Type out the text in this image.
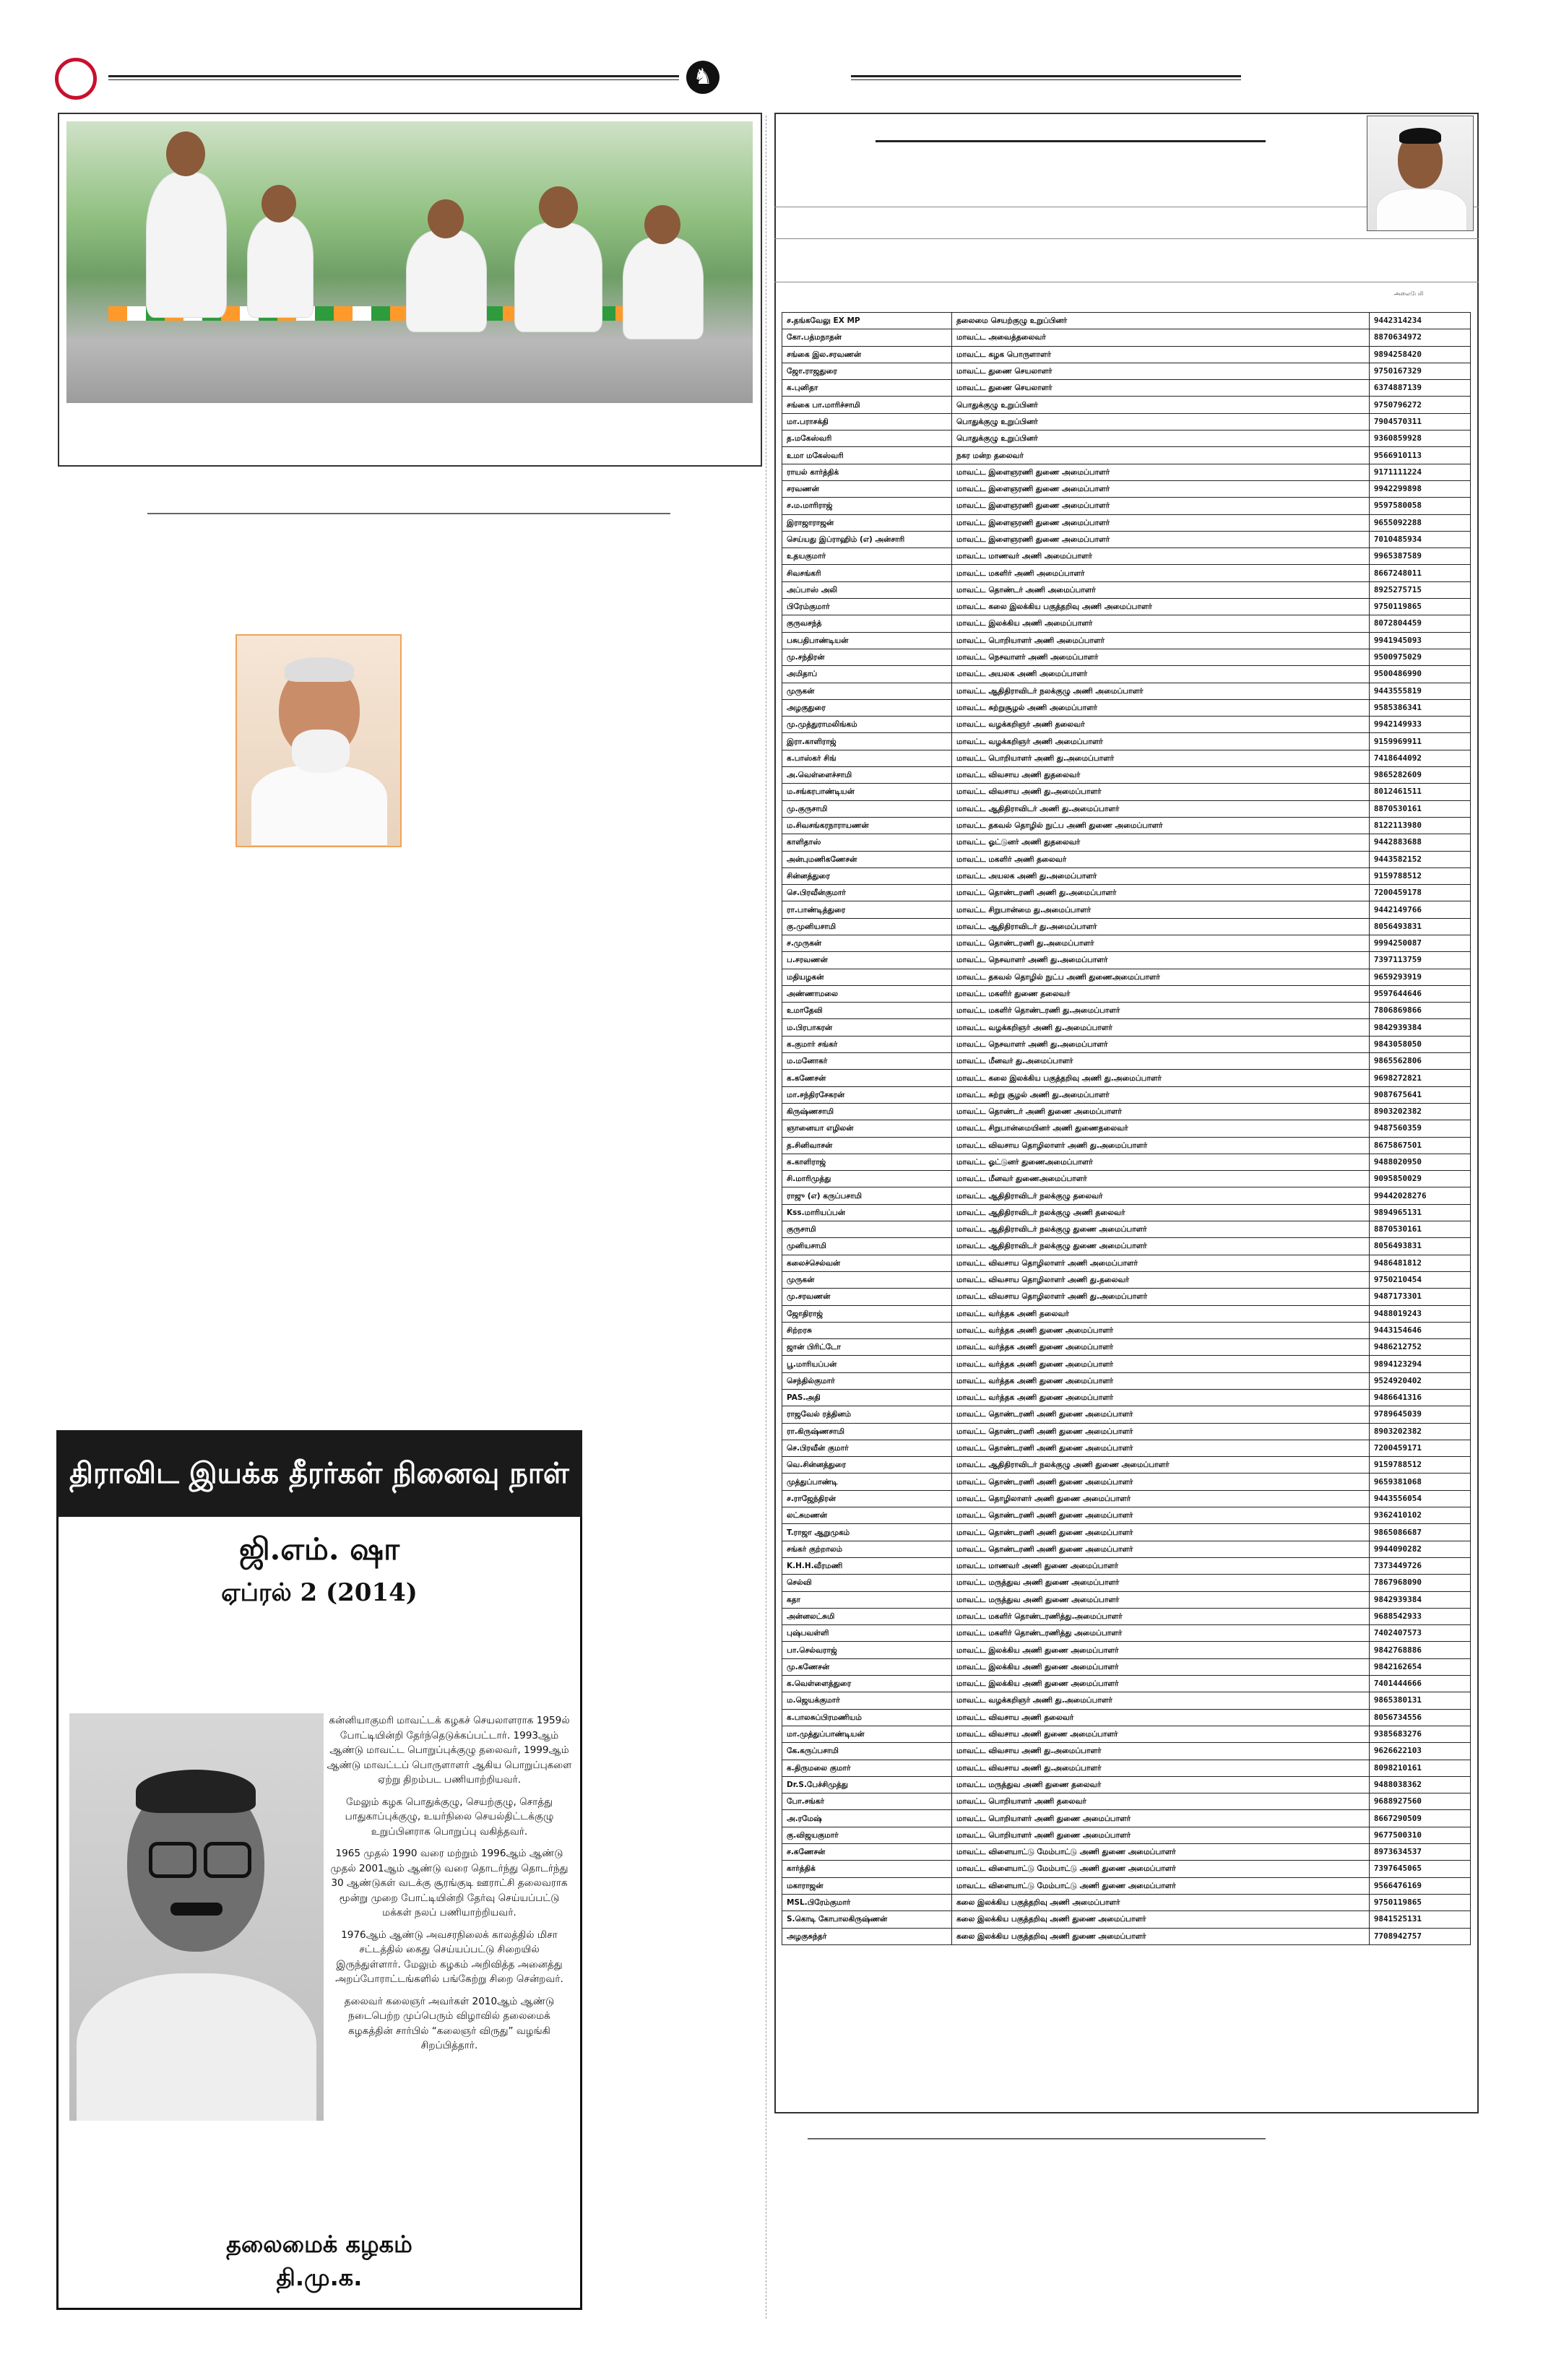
♞
திராவிட இயக்க தீரர்கள் நினைவு நாள்
ஜி.எம். ஷா
ஏப்ரல் 2 (2014)

கன்னியாகுமரி மாவட்டக் கழகச் செயலாளராக 1959ல் போட்டியின்றி தேர்ந்தெடுக்கப்பட்டார். 1993ஆம் ஆண்டு மாவட்ட பொறுப்புக்குழு தலைவர், 1999ஆம் ஆண்டு மாவட்டப் பொருளாளர் ஆகிய பொறுப்புகளை ஏற்று திறம்பட பணியாற்றியவர்.

மேலும் கழக பொதுக்குழு, செயற்குழு, சொத்து பாதுகாப்புக்குழு, உயர்நிலை செயல்திட்டக்குழு உறுப்பினராக பொறுப்பு வகித்தவர்.

1965 முதல் 1990 வரை மற்றும் 1996ஆம் ஆண்டு முதல் 2001ஆம் ஆண்டு வரை தொடர்ந்து தொடர்ந்து 30 ஆண்டுகள் வடக்கு சூரங்குடி ஊராட்சி தலைவராக மூன்று முறை போட்டியின்றி தேர்வு செய்யப்பட்டு மக்கள் நலப் பணியாற்றியவர்.

1976ஆம் ஆண்டு அவசரநிலைக் காலத்தில் மிசா சட்டத்தில் கைது செய்யப்பட்டு சிறையில் இருந்துள்ளார். மேலும் கழகம் அறிவித்த அனைத்து அறப்போராட்டங்களில் பங்கேற்று சிறை சென்றவர்.

தலைவர் கலைஞர் அவர்கள் 2010ஆம் ஆண்டு நடைபெற்ற முப்பெரும் விழாவில் தலைமைக் கழகத்தின் சார்பில் “கலைஞர் விருது” வழங்கி சிறப்பித்தார்.

தலைமைக் கழகம்
தி.மு.க.
அலைபேசி
ச.தங்கவேலு EX MP	தலைமை செயற்குழு உறுப்பினர்	9442314234
கோ.பத்மநாதன்	மாவட்ட அவைத்தலைவர்	8870634972
சங்கை இல.சரவணன்	மாவட்ட கழக பொருளாளர்	9894258420
ஜோ.ராஜதுரை	மாவட்ட துணை செயலாளர்	9750167329
க.புனிதா	மாவட்ட துணை செயலாளர்	6374887139
சங்கை பா.மாரிச்சாமி	பொதுக்குழு உறுப்பினர்	9750796272
மா.பராசக்தி	பொதுக்குழு உறுப்பினர்	7904570311
த.மகேஸ்வரி	பொதுக்குழு உறுப்பினர்	9360859928
உமா மகேஸ்வரி	நகர மன்ற தலைவர்	9566910113
ராயல் கார்த்திக்	மாவட்ட இளைஞரணி துணை அமைப்பாளர்	9171111224
சரவணன்	மாவட்ட இளைஞரணி துணை அமைப்பாளர்	9942299898
ச.ம.மாரிராஜ்	மாவட்ட இளைஞரணி துணை அமைப்பாளர்	9597580058
இராஜாராஜன்	மாவட்ட இளைஞரணி துணை அமைப்பாளர்	9655092288
செய்யது இப்ராஹிம் (எ) அன்சாரி	மாவட்ட இளைஞரணி துணை அமைப்பாளர்	7010485934
உதயகுமார்	மாவட்ட மாணவர் அணி அமைப்பாளர்	9965387589
சிவசங்கரி	மாவட்ட மகளிர் அணி அமைப்பாளர்	8667248011
அப்பாஸ் அலி	மாவட்ட தொண்டர் அணி அமைப்பாளர்	8925275715
பிரேம்குமார்	மாவட்ட கலை இலக்கிய பகுத்தறிவு அணி அமைப்பாளர்	9750119865
குருவசந்த்	மாவட்ட இலக்கிய அணி அமைப்பாளர்	8072804459
பசுபதிபாண்டியன்	மாவட்ட பொறியாளர் அணி அமைப்பாளர்	9941945093
மு.சந்திரன்	மாவட்ட நெசவாளர் அணி அமைப்பாளர்	9500975029
அமிதாப்	மாவட்ட அயலக அணி அமைப்பாளர்	9500486990
முருகன்	மாவட்ட ஆதிதிராவிடர் நலக்குழு அணி அமைப்பாளர்	9443555819
அழகுதுரை	மாவட்ட சுற்றுசூழல் அணி அமைப்பாளர்	9585386341
மு.முத்துராமலிங்கம்	மாவட்ட வழக்கறிஞர் அணி தலைவர்	9942149933
இரா.காளிராஜ்	மாவட்ட வழக்கறிஞர் அணி அமைப்பாளர்	9159969911
க.பாஸ்கர் சிங்	மாவட்ட பொறியாளர் அணி து.அமைப்பாளர்	7418644092
அ.வெள்ளைச்சாமி	மாவட்ட விவசாய அணி துதலைவர்	9865282609
ம.சங்கரபாண்டியன்	மாவட்ட விவசாய அணி து.அமைப்பாளர்	8012461511
மு.குருசாமி	மாவட்ட ஆதிதிராவிடர் அணி து.அமைப்பாளர்	8870530161
ம.சிவசங்கரநாராயணன்	மாவட்ட தகவல் தொழில் நுட்ப அணி துணை அமைப்பாளர்	8122113980
காளிதாஸ்	மாவட்ட ஓட்டுனர் அணி துதலைவர்	9442883688
அன்புமணிகணேசன்	மாவட்ட மகளிர் அணி தலைவர்	9443582152
சின்னத்துரை	மாவட்ட அயலக அணி து.அமைப்பாளர்	9159788512
செ.பிரவீன்குமார்	மாவட்ட தொண்டரணி அணி து.அமைப்பாளர்	7200459178
ரா.பாண்டித்துரை	மாவட்ட சிறுபான்மை து.அமைப்பாளர்	9442149766
கு.முனியசாமி	மாவட்ட ஆதிதிராவிடர் து.அமைப்பாளர்	8056493831
ச.முருகன்	மாவட்ட தொண்டரணி து.அமைப்பாளர்	9994250087
ப.சரவணன்	மாவட்ட நெசவாளர் அணி து.அமைப்பாளர்	7397113759
மதியழகன்	மாவட்ட தகவல் தொழில் நுட்ப அணி துணைஅமைப்பாளர்	9659293919
அண்ணாமலை	மாவட்ட மகளிர் துணை தலைவர்	9597644646
உமாதேவி	மாவட்ட மகளிர் தொண்டரணி து.அமைப்பாளர்	7806869866
ம.பிரபாகரன்	மாவட்ட வழக்கறிஞர் அணி து.அமைப்பாளர்	9842939384
க.குமார் சங்கர்	மாவட்ட நெசவாளர் அணி து.அமைப்பாளர்	9843058050
ம.மனோகர்	மாவட்ட மீனவர் து.அமைப்பாளர்	9865562806
க.கணேசன்	மாவட்ட கலை இலக்கிய பகுத்தறிவு அணி து.அமைப்பாளர்	9698272821
மா.சந்திரசேகரன்	மாவட்ட சுற்று சூழல் அணி து.அமைப்பாளர்	9087675641
கிருஷ்ணசாமி	மாவட்ட தொண்டர் அணி துணை அமைப்பாளர்	8903202382
ஞானையா எழிலன்	மாவட்ட சிறுபான்மையினர் அணி துணைதலைவர்	9487560359
த.சினிவாசன்	மாவட்ட விவசாய தொழிலாளர் அணி து.அமைப்பாளர்	8675867501
க.காளிராஜ்	மாவட்ட ஓட்டுனர் துணைஅமைப்பாளர்	9488020950
சி.மாரிமுத்து	மாவட்ட மீனவர் துணைஅமைப்பாளர்	9095850029
ராஜு (எ) கருப்பசாமி	மாவட்ட ஆதிதிராவிடர் நலக்குழு தலைவர்	99442028276
Kss.மாரியப்பன்	மாவட்ட ஆதிதிராவிடர் நலக்குழு அணி தலைவர்	9894965131
குருசாமி	மாவட்ட ஆதிதிராவிடர் நலக்குழு துணை அமைப்பாளர்	8870530161
முனியசாமி	மாவட்ட ஆதிதிராவிடர் நலக்குழு துணை அமைப்பாளர்	8056493831
கலைச்செல்வன்	மாவட்ட விவசாய தொழிலாளர் அணி அமைப்பாளர்	9486481812
முருகன்	மாவட்ட விவசாய தொழிலாளர் அணி து.தலைவர்	9750210454
மு.சரவணன்	மாவட்ட விவசாய தொழிலாளர் அணி து.அமைப்பாளர்	9487173301
ஜோதிராஜ்	மாவட்ட வர்த்தக அணி தலைவர்	9488019243
சிற்றரசு	மாவட்ட வர்த்தக அணி துணை அமைப்பாளர்	9443154646
ஜான் பிரிட்டோ	மாவட்ட வர்த்தக அணி துணை அமைப்பாளர்	9486212752
பூ.மாரியப்பன்	மாவட்ட வர்த்தக அணி துணை அமைப்பாளர்	9894123294
செந்தில்குமார்	மாவட்ட வர்த்தக அணி துணை அமைப்பாளர்	9524920402
PAS.அதி	மாவட்ட வர்த்தக அணி துணை அமைப்பாளர்	9486641316
ராஜவேல் ரத்தினம்	மாவட்ட தொண்டரணி அணி துணை அமைப்பாளர்	9789645039
ரா.கிருஷ்ணசாமி	மாவட்ட தொண்டரணி அணி துணை அமைப்பாளர்	8903202382
செ.பிரவீன் குமார்	மாவட்ட தொண்டரணி அணி துணை அமைப்பாளர்	7200459171
வெ.சின்னத்துரை	மாவட்ட ஆதிதிராவிடர் நலக்குழு அணி துணை அமைப்பாளர்	9159788512
முத்துப்பாண்டி	மாவட்ட தொண்டரணி அணி துணை அமைப்பாளர்	9659381068
ச.ராஜேந்திரன்	மாவட்ட தொழிலாளர் அணி துணை அமைப்பாளர்	9443556054
லட்சுமணன்	மாவட்ட தொண்டரணி அணி துணை அமைப்பாளர்	9362410102
T.ராஜா ஆறுமுகம்	மாவட்ட தொண்டரணி அணி துணை அமைப்பாளர்	9865086687
சங்கர் குற்றாலம்	மாவட்ட தொண்டரணி அணி துணை அமைப்பாளர்	9944090282
K.H.H.வீரமணி	மாவட்ட மாணவர் அணி துணை அமைப்பாளர்	7373449726
செல்வி	மாவட்ட மருத்துவ அணி துணை அமைப்பாளர்	7867968090
கதா	மாவட்ட மருத்துவ அணி துணை அமைப்பாளர்	9842939384
அன்னலட்சுமி	மாவட்ட மகளிர் தொண்டரணித்து.அமைப்பாளர்	9688542933
புஷ்பவள்ளி	மாவட்ட மகளிர் தொண்டரணித்து அமைப்பாளர்	7402407573
பா.செல்வராஜ்	மாவட்ட இலக்கிய அணி துணை அமைப்பாளர்	9842768886
மு.கணேசன்	மாவட்ட இலக்கிய அணி துணை அமைப்பாளர்	9842162654
க.வெள்ளைத்துரை	மாவட்ட இலக்கிய அணி துணை அமைப்பாளர்	7401444666
ம.ஜெயக்குமார்	மாவட்ட வழக்கறிஞர் அணி து.அமைப்பாளர்	9865380131
க.பாலசுப்பிரமணியம்	மாவட்ட விவசாய அணி தலைவர்	8056734556
மா.முத்துப்பாண்டியன்	மாவட்ட விவசாய அணி துணை அமைப்பாளர்	9385683276
கே.கருப்பசாமி	மாவட்ட விவசாய அணி து.அமைப்பாளர்	9626622103
க.திருமலை குமார்	மாவட்ட விவசாய அணி து.அமைப்பாளர்	8098210161
Dr.S.பேச்சிமுத்து	மாவட்ட மருத்துவ அணி துணை தலைவர்	9488038362
போ.சங்கர்	மாவட்ட பொறியாளர் அணி தலைவர்	9688927560
அ.ரமேஷ்	மாவட்ட பொறியாளர் அணி துணை அமைப்பாளர்	8667290509
கு.விஜயகுமார்	மாவட்ட பொறியாளர் அணி துணை அமைப்பாளர்	9677500310
ச.கணேசன்	மாவட்ட விளையாட்டு மேம்பாட்டு அணி துணை அமைப்பாளர்	8973634537
கார்த்திக்	மாவட்ட விளையாட்டு மேம்பாட்டு அணி துணை அமைப்பாளர்	7397645065
மகாராஜன்	மாவட்ட விளையாட்டு மேம்பாட்டு அணி துணை அமைப்பாளர்	9566476169
MSL.பிரேம்குமார்	கலை இலக்கிய பகுத்தறிவு அணி அமைப்பாளர்	9750119865
S.கொடி கோபாலகிருஷ்ணன்	கலை இலக்கிய பகுத்தறிவு அணி துணை அமைப்பாளர்	9841525131
அழகுசுந்தர்	கலை இலக்கிய பகுத்தறிவு அணி துணை அமைப்பாளர்	7708942757
